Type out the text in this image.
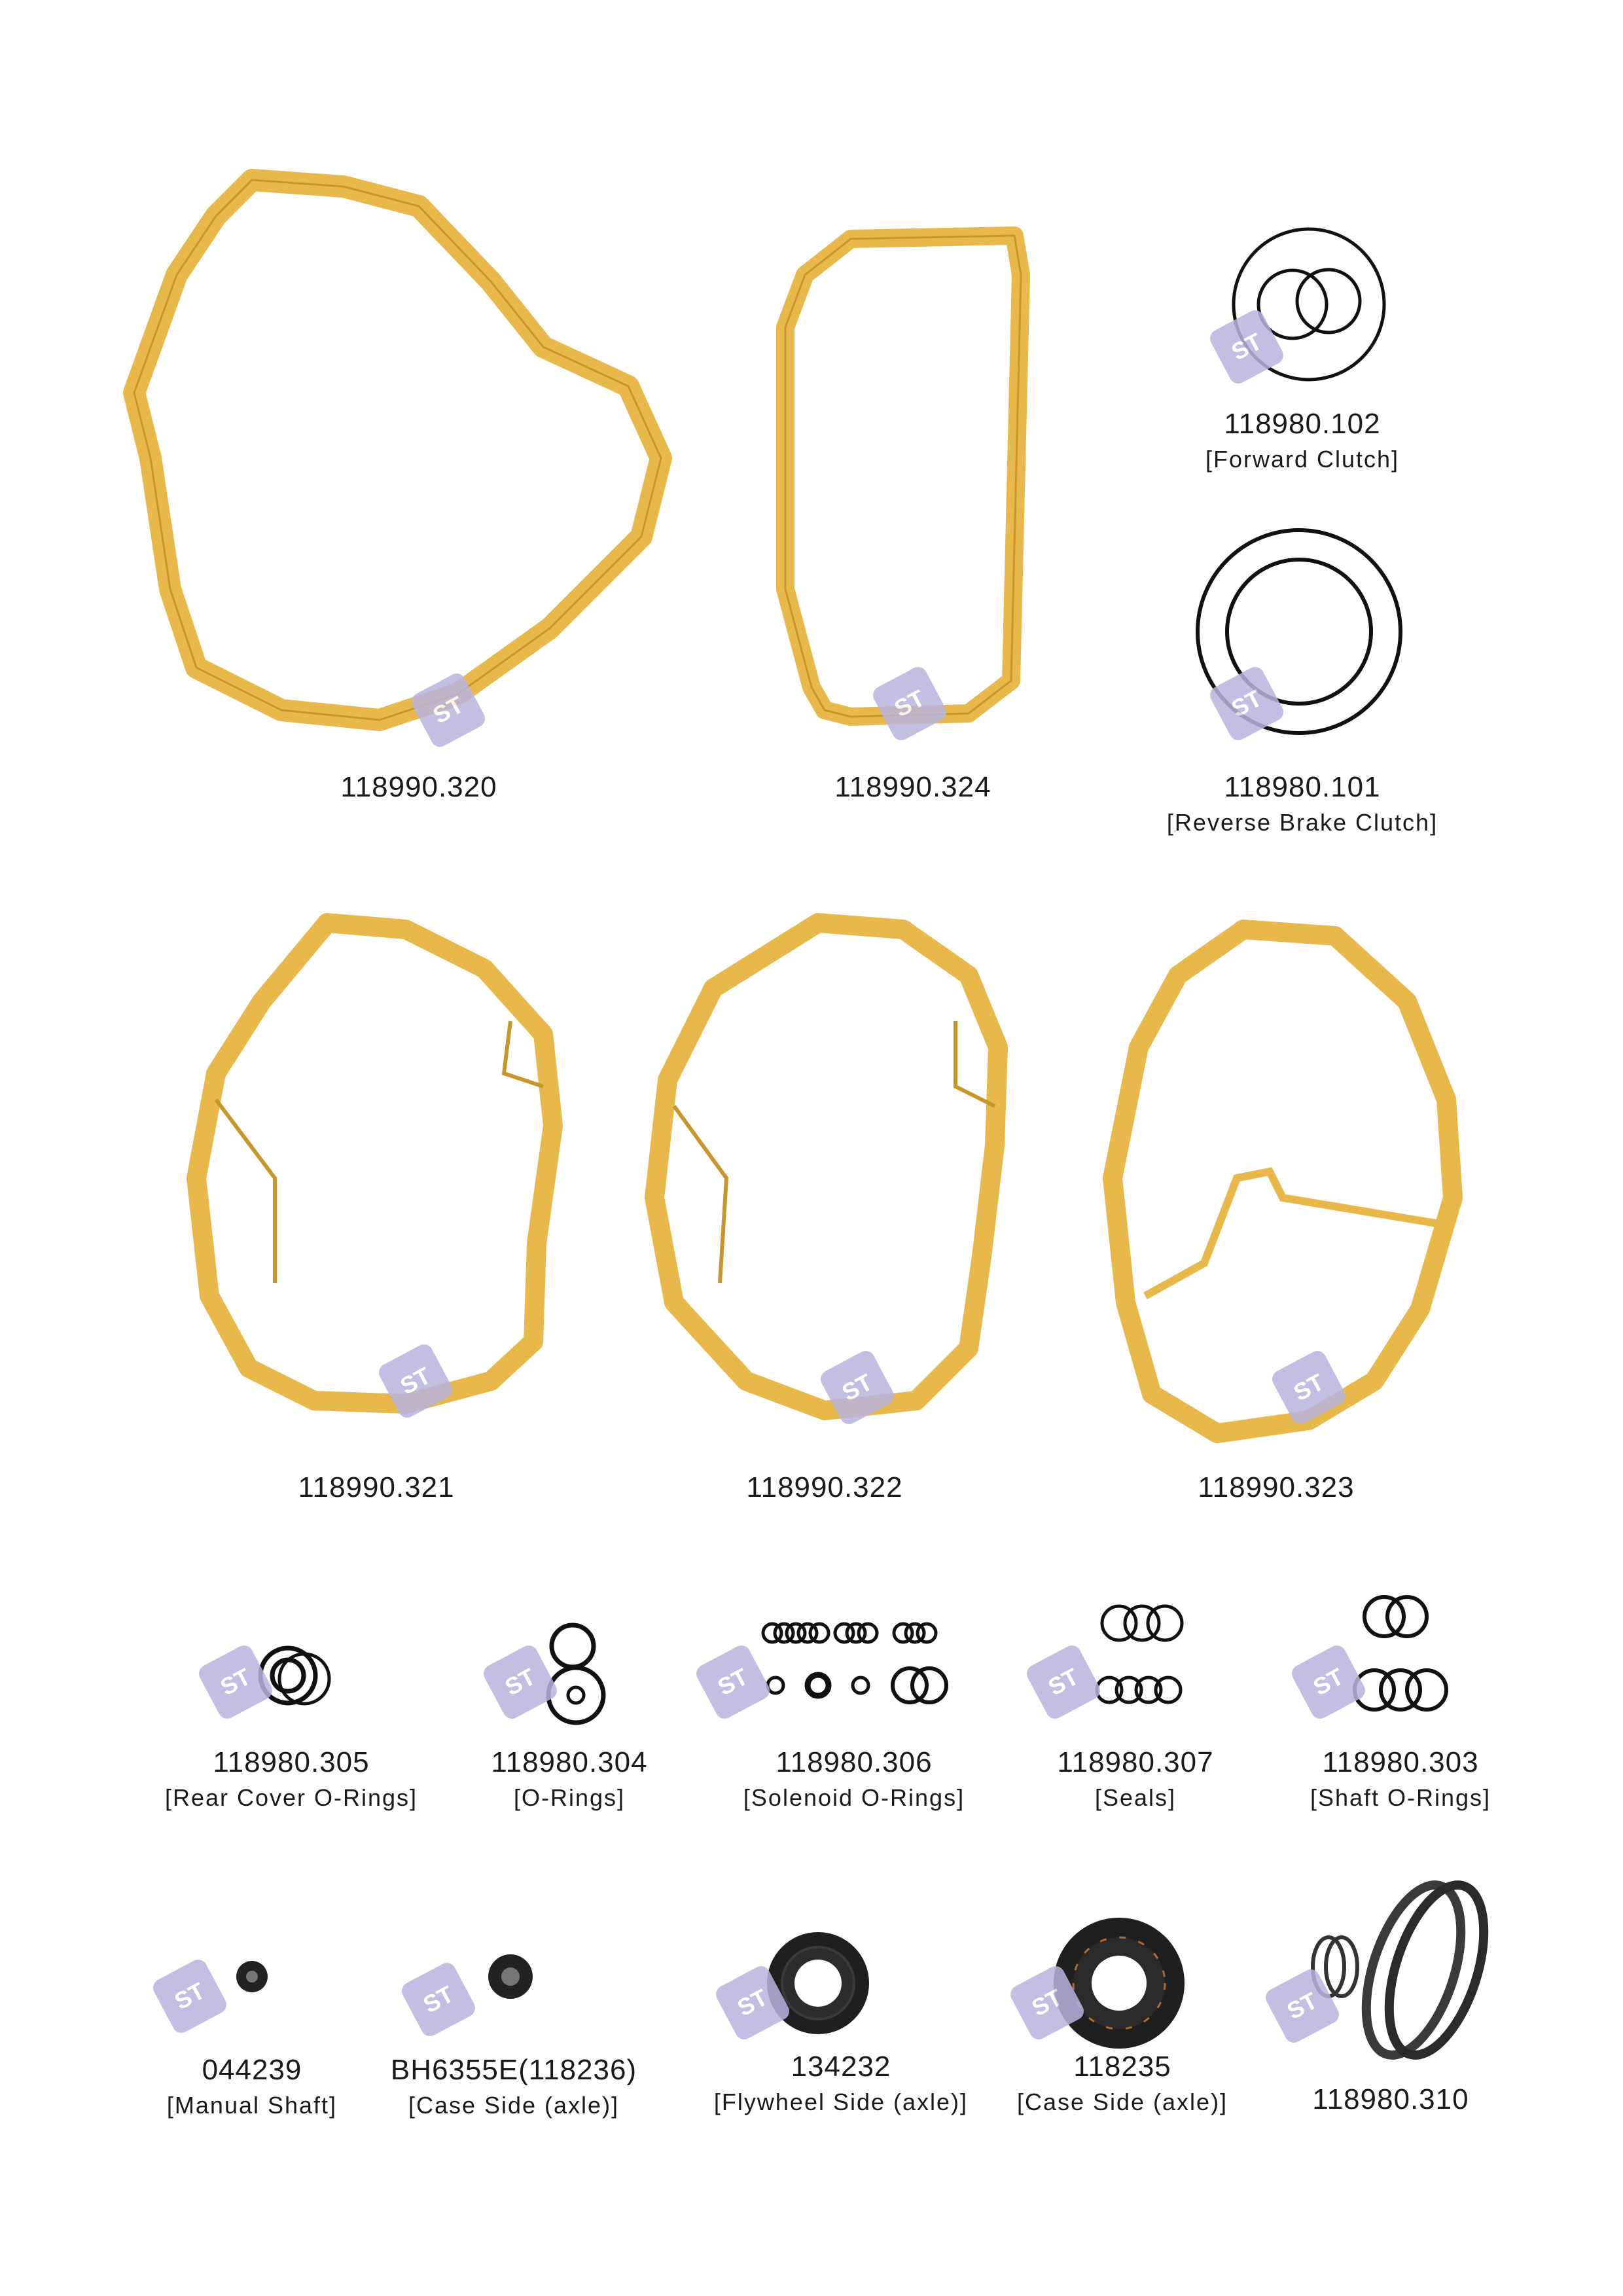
ST
118990.320
ST
118990.324
ST
118980.102
[Forward Clutch]
ST
118980.101
[Reverse Brake Clutch]
ST
118990.321
ST
118990.322
ST
118990.323
ST
118980.305
[Rear Cover O-Rings]
ST
118980.304
[O-Rings]
ST
118980.306
[Solenoid O-Rings]
ST
118980.307
[Seals]
ST
118980.303
[Shaft O-Rings]
ST
044239
[Manual Shaft]
ST
BH6355E(118236)
[Case Side (axle)]
ST
134232
[Flywheel Side (axle)]
ST
118235
[Case Side (axle)]
ST
118980.310
